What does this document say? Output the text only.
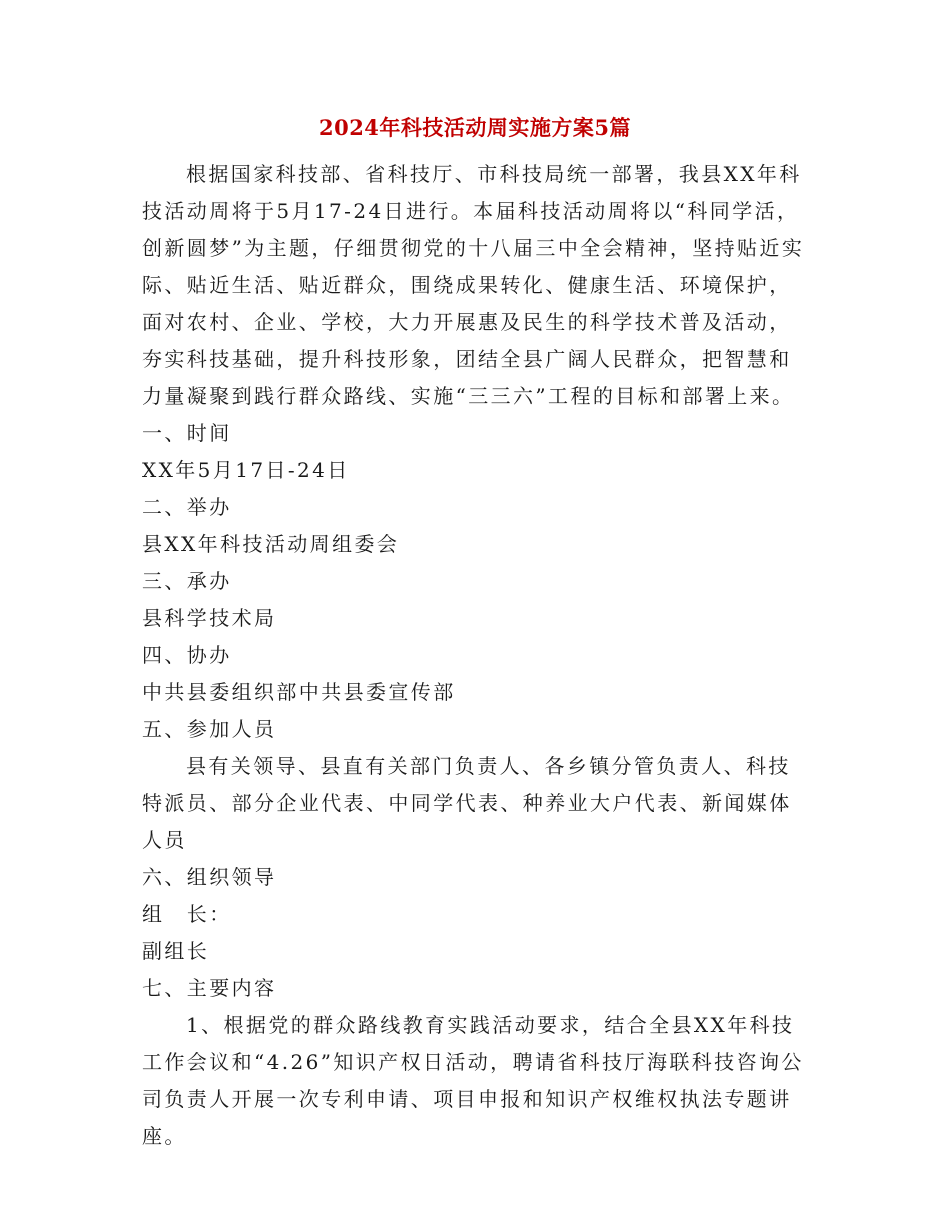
2024年科技活动周实施方案5篇

根据国家科技部、省科技厅、市科技局统一部署，我县XX年科技活动周将于5月17-24日进行。本届科技活动周将以“科同学活，创新圆梦”为主题，仔细贯彻党的十八届三中全会精神，坚持贴近实际、贴近生活、贴近群众，围绕成果转化、健康生活、环境保护，面对农村、企业、学校，大力开展惠及民生的科学技术普及活动，夯实科技基础，提升科技形象，团结全县广阔人民群众，把智慧和力量凝聚到践行群众路线、实施“三三六”工程的目标和部署上来。

一、时间

XX年5月17日-24日

二、举办

县XX年科技活动周组委会

三、承办

县科学技术局

四、协办

中共县委组织部中共县委宣传部

五、参加人员

县有关领导、县直有关部门负责人、各乡镇分管负责人、科技特派员、部分企业代表、中同学代表、种养业大户代表、新闻媒体人员

六、组织领导

组　长：

副组长

七、主要内容

1、根据党的群众路线教育实践活动要求，结合全县XX年科技工作会议和“4.26”知识产权日活动，聘请省科技厅海联科技咨询公司负责人开展一次专利申请、项目申报和知识产权维权执法专题讲座。
